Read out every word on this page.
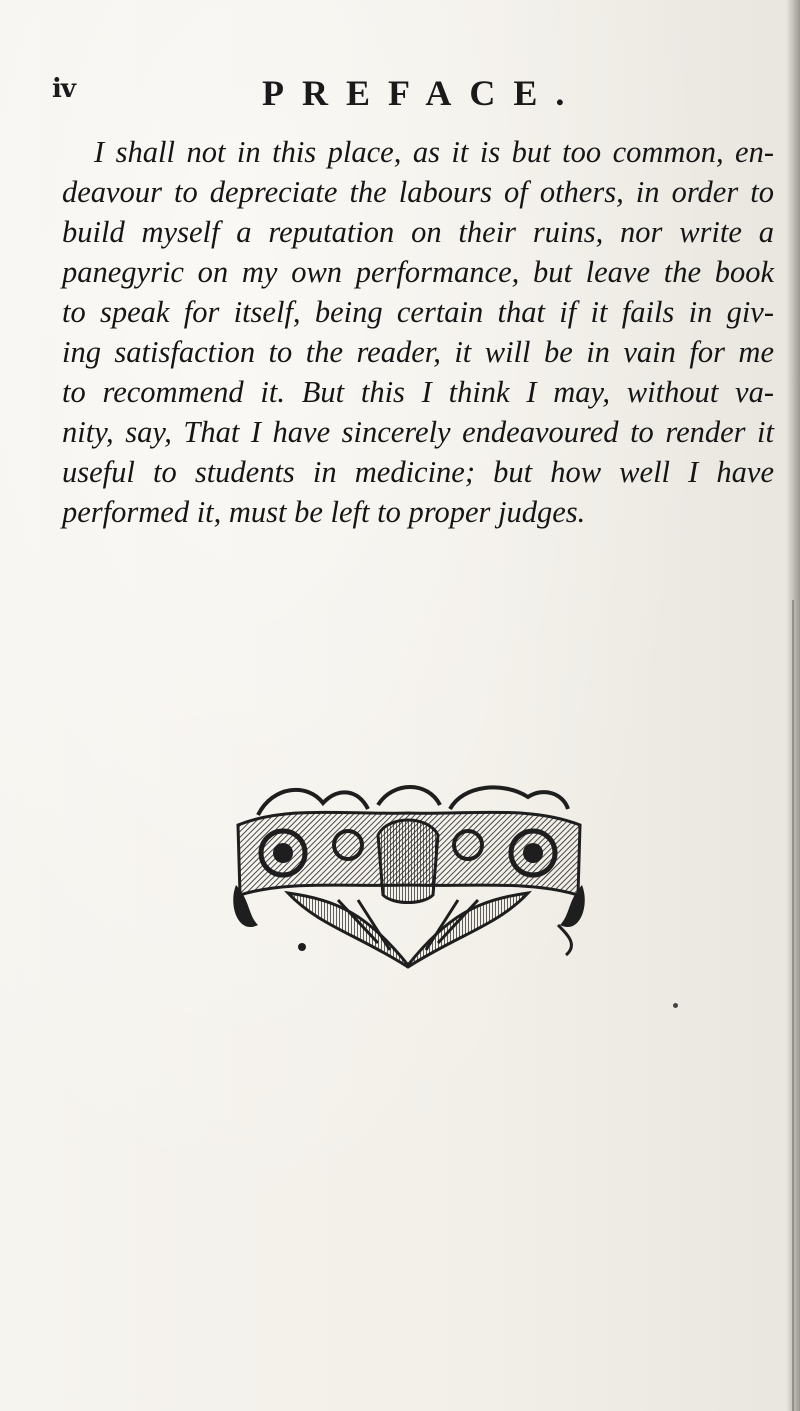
iv	PREFACE.
I shall not in this place, as it is but too common, en-
deavour to depreciate the labours of others, in order to
build myself a reputation on their ruins, nor write a
panegyric on my own performance, but leave the book
to speak for itself, being certain that if it fails in giv-
ing satisfaction to the reader, it will be in vain for me
to recommend it. But this I think I may, without va-
nity, say, That I have sincerely endeavoured to render it
useful to students in medicine; but how well I have
performed it, must be left to proper judges.
